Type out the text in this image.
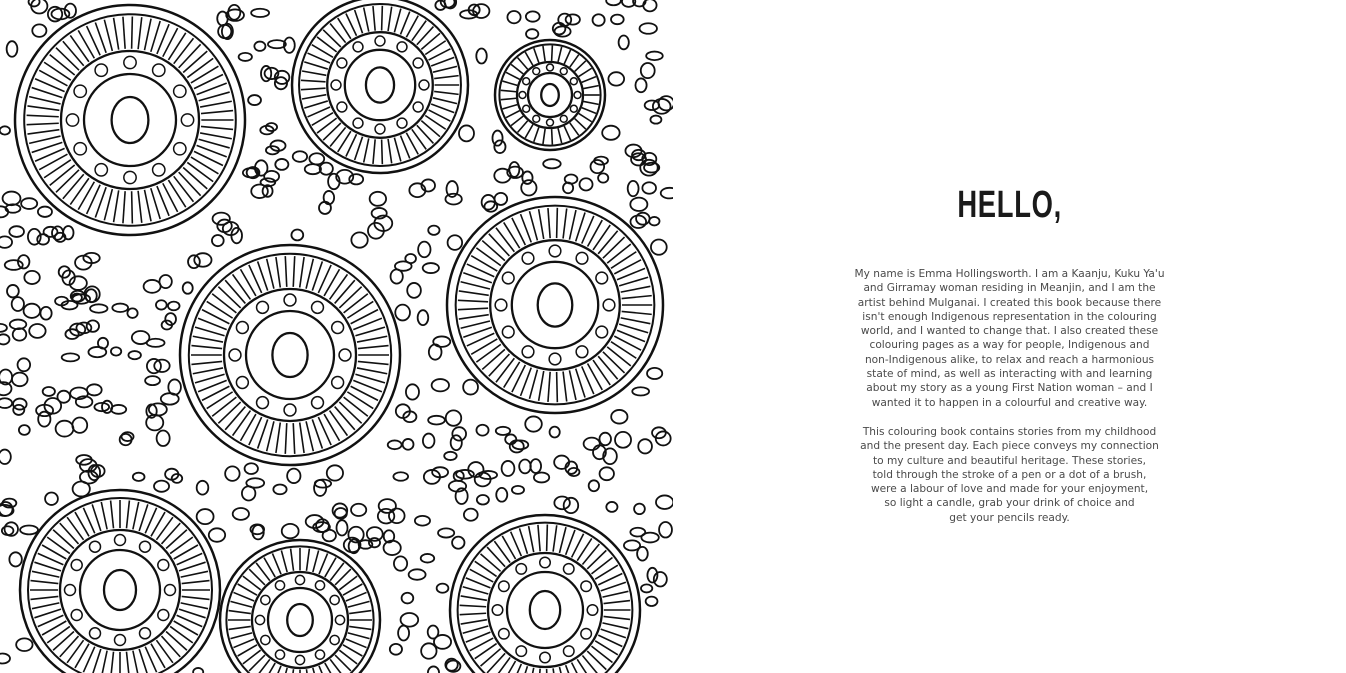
HELLO,
My name is Emma Hollingsworth. I am a Kaanju, Kuku Ya'u
and Girramay woman residing in Meanjin, and I am the
artist behind Mulganai. I created this book because there
isn't enough Indigenous representation in the colouring
world, and I wanted to change that. I also created these
colouring pages as a way for people, Indigenous and
non-Indigenous alike, to relax and reach a harmonious
state of mind, as well as interacting with and learning
about my story as a young First Nation woman – and I
wanted it to happen in a colourful and creative way.
This colouring book contains stories from my childhood
and the present day. Each piece conveys my connection
to my culture and beautiful heritage. These stories,
told through the stroke of a pen or a dot of a brush,
were a labour of love and made for your enjoyment,
so light a candle, grab your drink of choice and
get your pencils ready.
